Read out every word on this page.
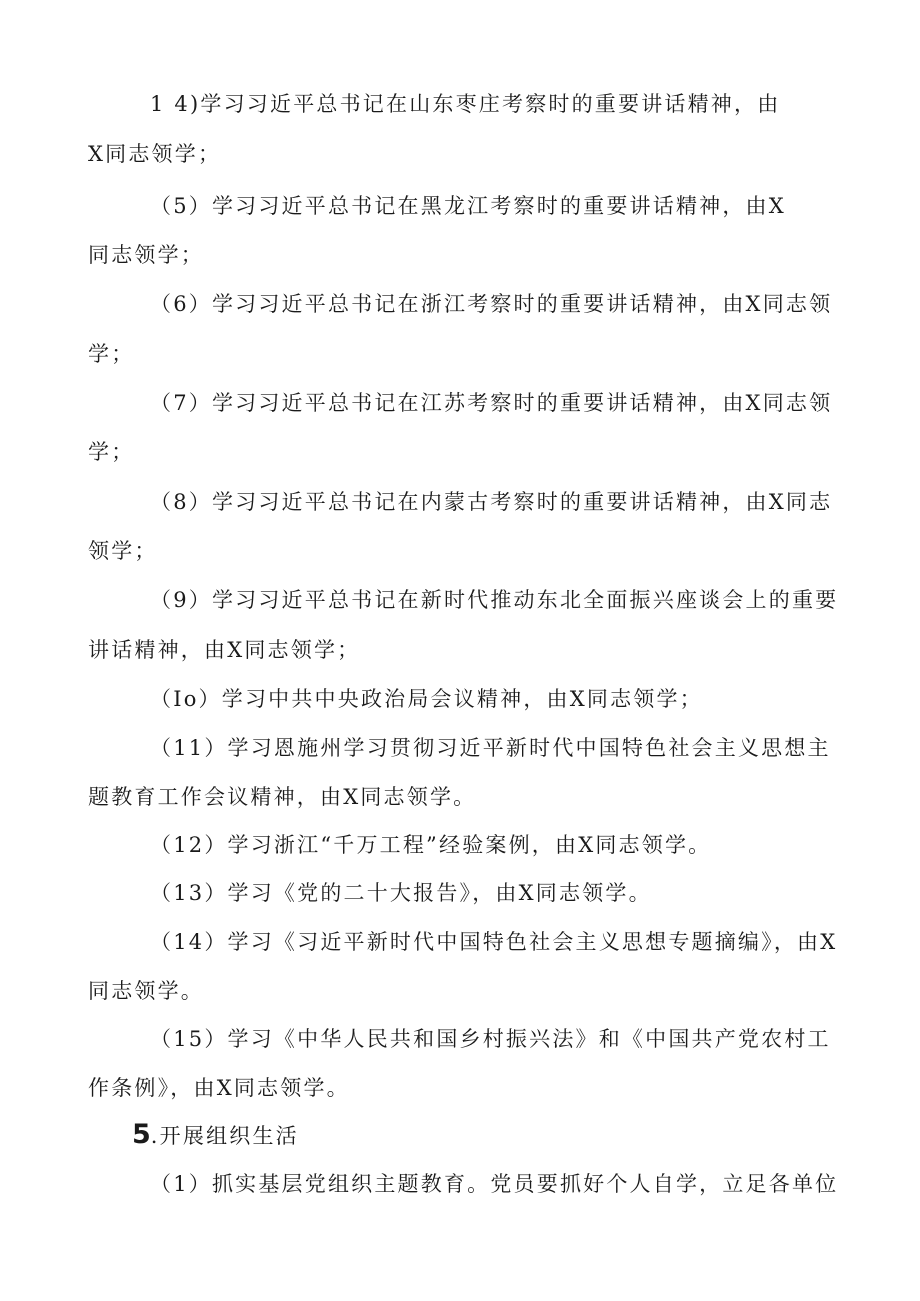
1 4)学习习近平总书记在山东枣庄考察时的重要讲话精神，由
X同志领学；
（5）学习习近平总书记在黑龙江考察时的重要讲话精神，由X
同志领学；
（6）学习习近平总书记在浙江考察时的重要讲话精神，由X同志领
学；
（7）学习习近平总书记在江苏考察时的重要讲话精神，由X同志领
学；
（8）学习习近平总书记在内蒙古考察时的重要讲话精神，由X同志
领学；
（9）学习习近平总书记在新时代推动东北全面振兴座谈会上的重要
讲话精神，由X同志领学；
（Io）学习中共中央政治局会议精神，由X同志领学；
（11）学习恩施州学习贯彻习近平新时代中国特色社会主义思想主
题教育工作会议精神，由X同志领学。
（12）学习浙江“千万工程”经验案例，由X同志领学。
（13）学习《党的二十大报告》，由X同志领学。
（14）学习《习近平新时代中国特色社会主义思想专题摘编》，由X
同志领学。
（15）学习《中华人民共和国乡村振兴法》和《中国共产党农村工
作条例》，由X同志领学。
5.开展组织生活
（1）抓实基层党组织主题教育。党员要抓好个人自学，立足各单位
